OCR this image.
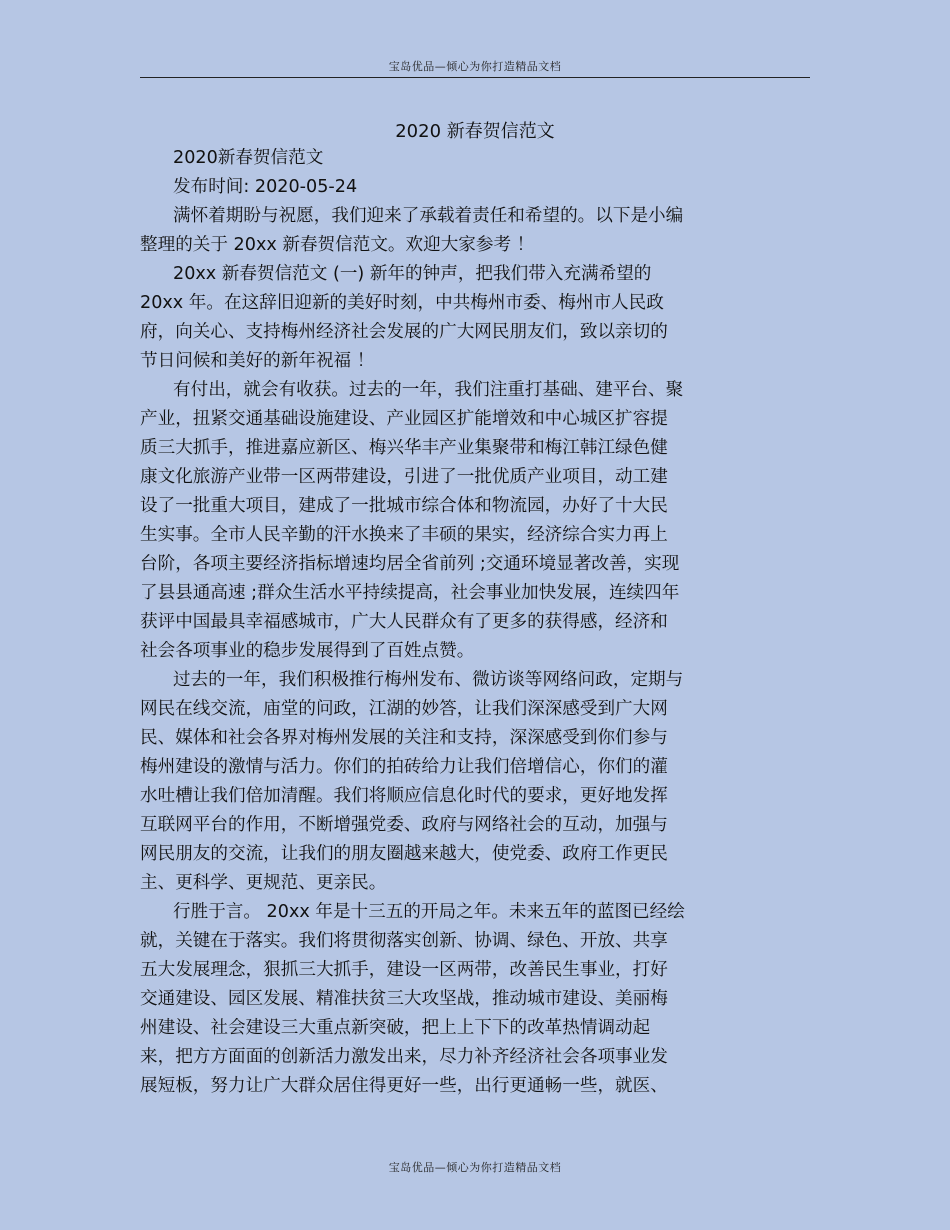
宝岛优品—倾心为你打造精品文档
2020 新春贺信范文
2020新春贺信范文
发布时间: 2020-05-24
满怀着期盼与祝愿，我们迎来了承载着责任和希望的。以下是小编
整理的关于 20xx 新春贺信范文。欢迎大家参考 ！
20xx 新春贺信范文 (一) 新年的钟声，把我们带入充满希望的
20xx 年。在这辞旧迎新的美好时刻，中共梅州市委、梅州市人民政
府，向关心、支持梅州经济社会发展的广大网民朋友们，致以亲切的
节日问候和美好的新年祝福 ！
有付出，就会有收获。过去的一年，我们注重打基础、建平台、聚
产业，扭紧交通基础设施建设、产业园区扩能增效和中心城区扩容提
质三大抓手，推进嘉应新区、梅兴华丰产业集聚带和梅江韩江绿色健
康文化旅游产业带一区两带建设，引进了一批优质产业项目，动工建
设了一批重大项目，建成了一批城市综合体和物流园，办好了十大民
生实事。全市人民辛勤的汗水换来了丰硕的果实，经济综合实力再上
台阶，各项主要经济指标增速均居全省前列 ;交通环境显著改善，实现
了县县通高速 ;群众生活水平持续提高，社会事业加快发展，连续四年
获评中国最具幸福感城市，广大人民群众有了更多的获得感，经济和
社会各项事业的稳步发展得到了百姓点赞。
过去的一年，我们积极推行梅州发布、微访谈等网络问政，定期与
网民在线交流，庙堂的问政，江湖的妙答，让我们深深感受到广大网
民、媒体和社会各界对梅州发展的关注和支持，深深感受到你们参与
梅州建设的激情与活力。你们的拍砖给力让我们倍增信心，你们的灌
水吐槽让我们倍加清醒。我们将顺应信息化时代的要求，更好地发挥
互联网平台的作用，不断增强党委、政府与网络社会的互动，加强与
网民朋友的交流，让我们的朋友圈越来越大，使党委、政府工作更民
主、更科学、更规范、更亲民。
行胜于言。 20xx 年是十三五的开局之年。未来五年的蓝图已经绘
就，关键在于落实。我们将贯彻落实创新、协调、绿色、开放、共享
五大发展理念，狠抓三大抓手，建设一区两带，改善民生事业，打好
交通建设、园区发展、精准扶贫三大攻坚战，推动城市建设、美丽梅
州建设、社会建设三大重点新突破，把上上下下的改革热情调动起
来，把方方面面的创新活力激发出来，尽力补齐经济社会各项事业发
展短板，努力让广大群众居住得更好一些，出行更通畅一些，就医、
宝岛优品—倾心为你打造精品文档
